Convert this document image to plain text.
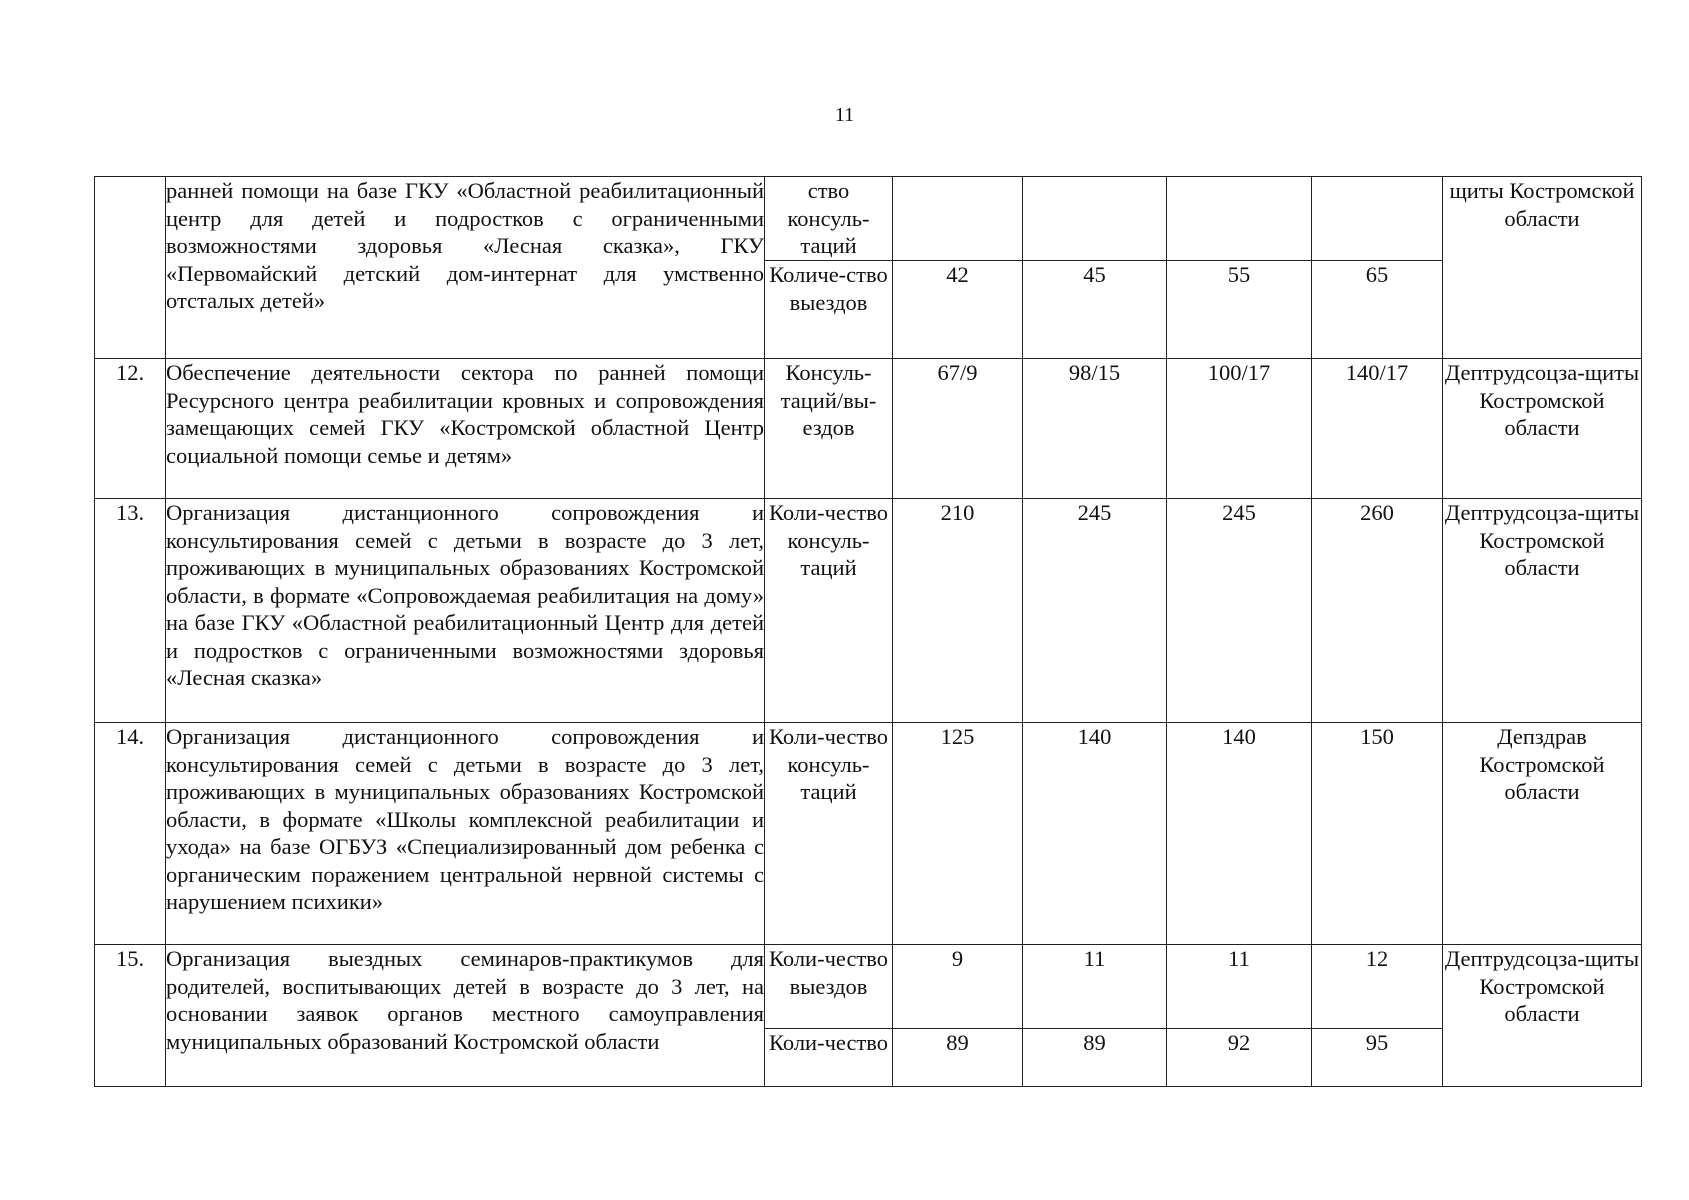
11
	ранней помощи на базе ГКУ «Областной реабилитационный центр для детей и подростков с ограниченными возможностями здоровья «Лесная сказка», ГКУ «Первомайский детский дом-интернат для умственно отсталых детей»	ство консуль-таций					щиты Костромской области
		Количе-ство выездов	42	45	55	65	
12.	Обеспечение деятельности сектора по ранней помощи Ресурсного центра реабилитации кровных и сопровождения замещающих семей ГКУ «Костромской областной Центр социальной помощи семье и детям»	Консуль-таций/вы-ездов	67/9	98/15	100/17	140/17	Дептрудсоцза-щиты Костромской области
13.	Организация дистанционного сопровождения и консультирования семей с детьми в возрасте до 3 лет, проживающих в муниципальных образованиях Костромской области, в формате «Сопровождаемая реабилитация на дому» на базе ГКУ «Областной реабилитационный Центр для детей и подростков с ограниченными возможностями здоровья «Лесная сказка»	Коли-чество консуль-таций	210	245	245	260	Дептрудсоцза-щиты Костромской области
14.	Организация дистанционного сопровождения и консультирования семей с детьми в возрасте до 3 лет, проживающих в муниципальных образованиях Костромской области, в формате «Школы комплексной реабилитации и ухода» на базе ОГБУЗ «Специализированный дом ребенка с органическим поражением центральной нервной системы с нарушением психики»	Коли-чество консуль-таций	125	140	140	150	Депздрав Костромской области
15.	Организация выездных семинаров-практикумов для родителей, воспитывающих детей в возрасте до 3 лет, на основании заявок органов местного самоуправления муниципальных образований Костромской области	Коли-чество выездов	9	11	11	12	Дептрудсоцза-щиты Костромской области
		Коли-чество	89	89	92	95	
